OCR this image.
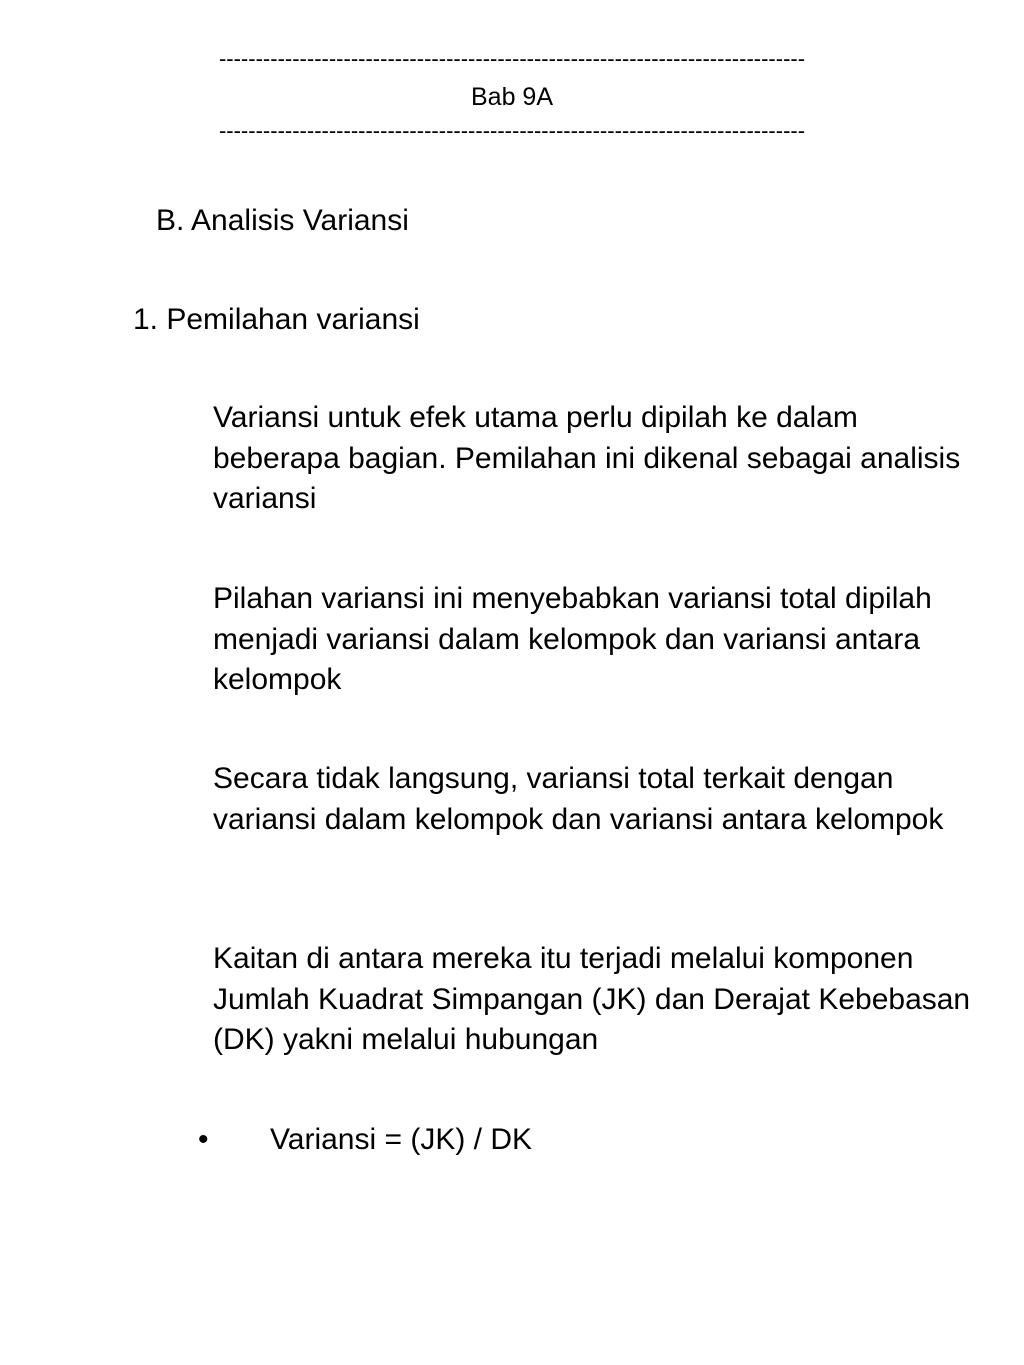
--------------------------------------------------------------------------------
Bab 9A
--------------------------------------------------------------------------------
B. Analisis Variansi
1. Pemilahan variansi

Variansi untuk efek utama perlu dipilah ke dalam beberapa bagian. Pemilahan ini dikenal sebagai analisis variansi

Pilahan variansi ini menyebabkan variansi total dipilah menjadi variansi dalam kelompok dan variansi antara kelompok

Secara tidak langsung, variansi total terkait dengan variansi dalam kelompok dan variansi antara kelompok

Kaitan di antara mereka itu terjadi melalui komponen Jumlah Kuadrat Simpangan (JK) dan Derajat Kebebasan (DK) yakni melalui hubungan

• Variansi = (JK) / DK
